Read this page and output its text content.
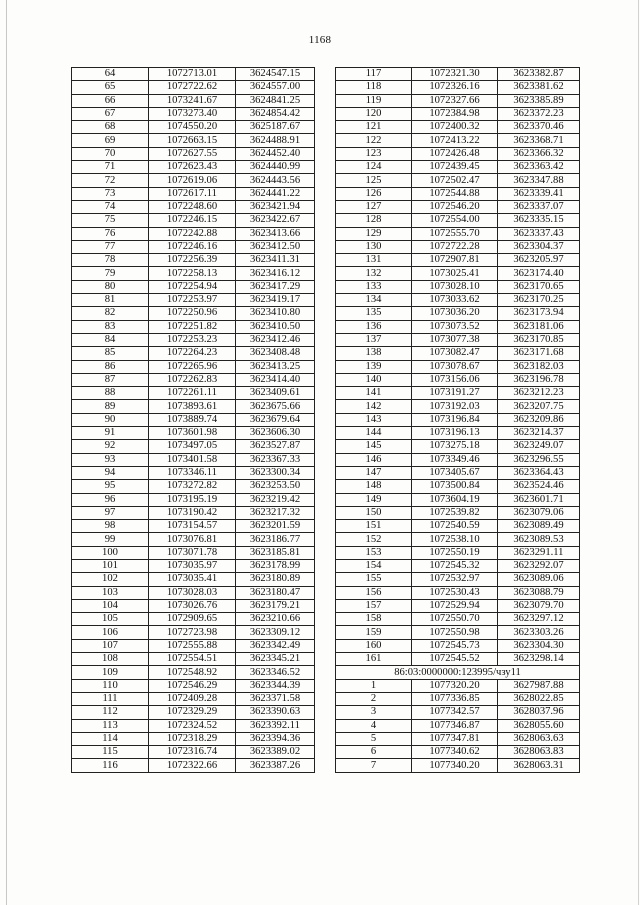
1168
64	1072713.01	3624547.15
65	1072722.62	3624557.00
66	1073241.67	3624841.25
67	1073273.40	3624854.42
68	1074550.20	3625187.67
69	1072663.15	3624488.91
70	1072627.55	3624452.40
71	1072623.43	3624440.99
72	1072619.06	3624443.56
73	1072617.11	3624441.22
74	1072248.60	3623421.94
75	1072246.15	3623422.67
76	1072242.88	3623413.66
77	1072246.16	3623412.50
78	1072256.39	3623411.31
79	1072258.13	3623416.12
80	1072254.94	3623417.29
81	1072253.97	3623419.17
82	1072250.96	3623410.80
83	1072251.82	3623410.50
84	1072253.23	3623412.46
85	1072264.23	3623408.48
86	1072265.96	3623413.25
87	1072262.83	3623414.40
88	1072261.11	3623409.61
89	1073893.61	3623675.66
90	1073889.74	3623679.64
91	1073601.98	3623606.30
92	1073497.05	3623527.87
93	1073401.58	3623367.33
94	1073346.11	3623300.34
95	1073272.82	3623253.50
96	1073195.19	3623219.42
97	1073190.42	3623217.32
98	1073154.57	3623201.59
99	1073076.81	3623186.77
100	1073071.78	3623185.81
101	1073035.97	3623178.99
102	1073035.41	3623180.89
103	1073028.03	3623180.47
104	1073026.76	3623179.21
105	1072909.65	3623210.66
106	1072723.98	3623309.12
107	1072555.88	3623342.49
108	1072554.51	3623345.21
109	1072548.92	3623346.52
110	1072546.29	3623344.39
111	1072409.28	3623371.58
112	1072329.29	3623390.63
113	1072324.52	3623392.11
114	1072318.29	3623394.36
115	1072316.74	3623389.02
116	1072322.66	3623387.26
117	1072321.30	3623382.87
118	1072326.16	3623381.62
119	1072327.66	3623385.89
120	1072384.98	3623372.23
121	1072400.32	3623370.46
122	1072413.22	3623368.71
123	1072426.48	3623366.32
124	1072439.45	3623363.42
125	1072502.47	3623347.88
126	1072544.88	3623339.41
127	1072546.20	3623337.07
128	1072554.00	3623335.15
129	1072555.70	3623337.43
130	1072722.28	3623304.37
131	1072907.81	3623205.97
132	1073025.41	3623174.40
133	1073028.10	3623170.65
134	1073033.62	3623170.25
135	1073036.20	3623173.94
136	1073073.52	3623181.06
137	1073077.38	3623170.85
138	1073082.47	3623171.68
139	1073078.67	3623182.03
140	1073156.06	3623196.78
141	1073191.27	3623212.23
142	1073192.03	3623207.75
143	1073196.84	3623209.86
144	1073196.13	3623214.37
145	1073275.18	3623249.07
146	1073349.46	3623296.55
147	1073405.67	3623364.43
148	1073500.84	3623524.46
149	1073604.19	3623601.71
150	1072539.82	3623079.06
151	1072540.59	3623089.49
152	1072538.10	3623089.53
153	1072550.19	3623291.11
154	1072545.32	3623292.07
155	1072532.97	3623089.06
156	1072530.43	3623088.79
157	1072529.94	3623079.70
158	1072550.70	3623297.12
159	1072550.98	3623303.26
160	1072545.73	3623304.30
161	1072545.52	3623298.14
86:03:0000000:123995/чзу11		
1	1077320.20	3627987.88
2	1077336.85	3628022.85
3	1077342.57	3628037.96
4	1077346.87	3628055.60
5	1077347.81	3628063.63
6	1077340.62	3628063.83
7	1077340.20	3628063.31
